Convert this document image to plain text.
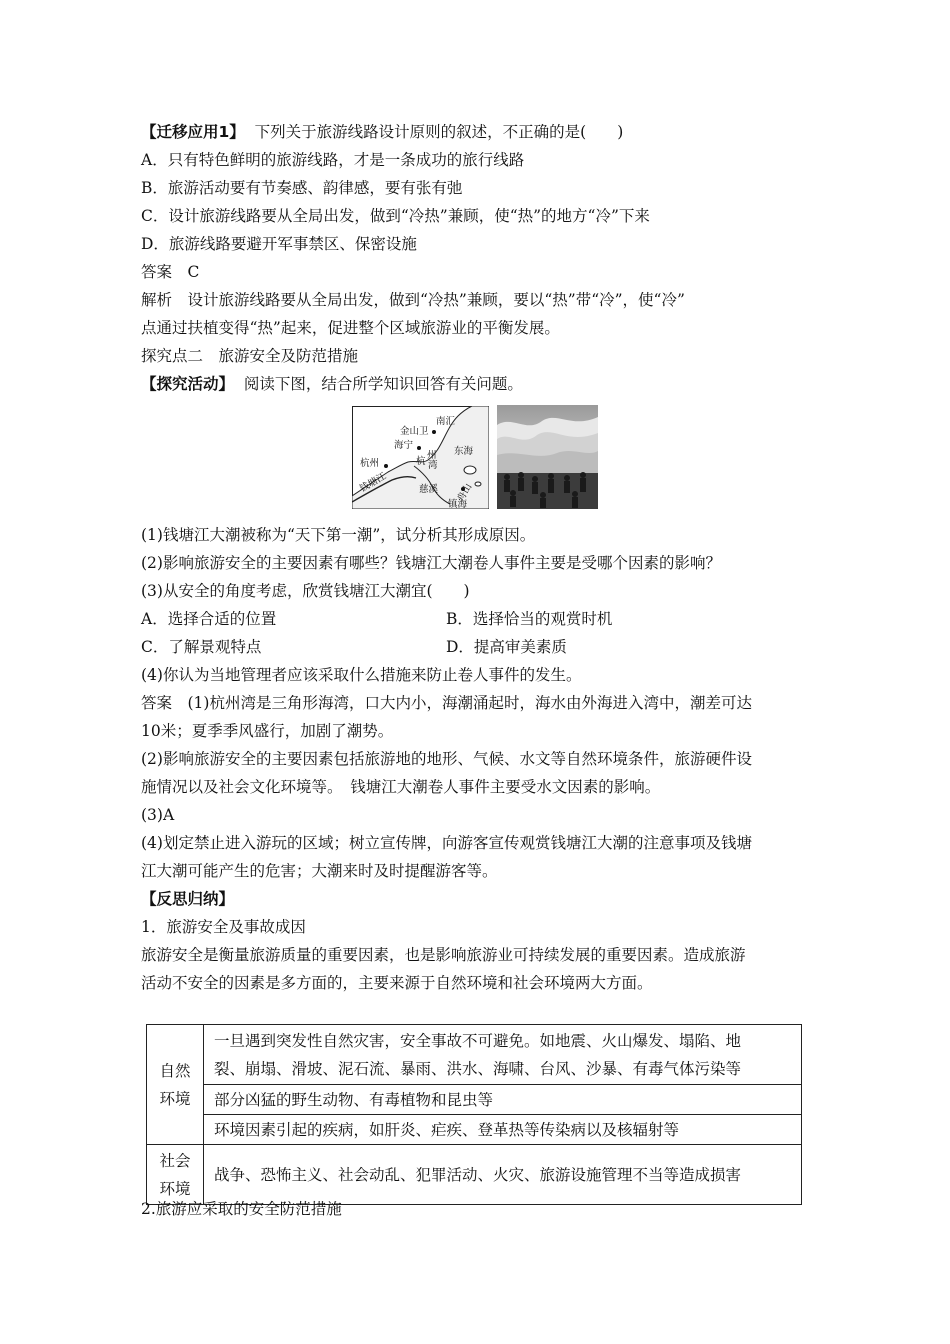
【迁移应用1】 下列关于旅游线路设计原则的叙述，不正确的是(　　)
A．只有特色鲜明的旅游线路，才是一条成功的旅行线路
B．旅游活动要有节奏感、韵律感，要有张有弛
C．设计旅游线路要从全局出发，做到“冷热”兼顾，使“热”的地方“冷”下来
D．旅游线路要避开军事禁区、保密设施
答案　C
解析　设计旅游线路要从全局出发，做到“冷热”兼顾，要以“热”带“冷”，使“冷”
点通过扶植变得“热”起来，促进整个区域旅游业的平衡发展。
探究点二　旅游安全及防范措施
【探究活动】 阅读下图，结合所学知识回答有关问题。
南汇
金山卫
海宁
杭州	杭
州
湾
东海
钱塘江	慈溪 舟山
镇海
(1)钱塘江大潮被称为“天下第一潮”，试分析其形成原因。
(2)影响旅游安全的主要因素有哪些？钱塘江大潮卷人事件主要是受哪个因素的影响？
(3)从安全的角度考虑，欣赏钱塘江大潮宜(　　)
A．选择合适的位置	B．选择恰当的观赏时机
C．了解景观特点	D．提高审美素质
(4)你认为当地管理者应该采取什么措施来防止卷人事件的发生。
答案　(1)杭州湾是三角形海湾，口大内小，海潮涌起时，海水由外海进入湾中，潮差可达
10米；夏季季风盛行，加剧了潮势。
(2)影响旅游安全的主要因素包括旅游地的地形、气候、水文等自然环境条件，旅游硬件设
施情况以及社会文化环境等。　钱塘江大潮卷人事件主要受水文因素的影响。
(3)A
(4)划定禁止进入游玩的区域；树立宣传牌，向游客宣传观赏钱塘江大潮的注意事项及钱塘
江大潮可能产生的危害；大潮来时及时提醒游客等。
【反思归纳】
1．旅游安全及事故成因
旅游安全是衡量旅游质量的重要因素，也是影响旅游业可持续发展的重要因素。造成旅游
活动不安全的因素是多方面的，主要来源于自然环境和社会环境两大方面。
自然
环境	一旦遇到突发性自然灾害，安全事故不可避免。如地震、火山爆发、塌陷、地
裂、崩塌、滑坡、泥石流、暴雨、洪水、海啸、台风、沙暴、有毒气体污染等
	部分凶猛的野生动物、有毒植物和昆虫等
	环境因素引起的疾病，如肝炎、疟疾、登革热等传染病以及核辐射等
社会
环境	战争、恐怖主义、社会动乱、犯罪活动、火灾、旅游设施管理不当等造成损害
2.旅游应采取的安全防范措施
